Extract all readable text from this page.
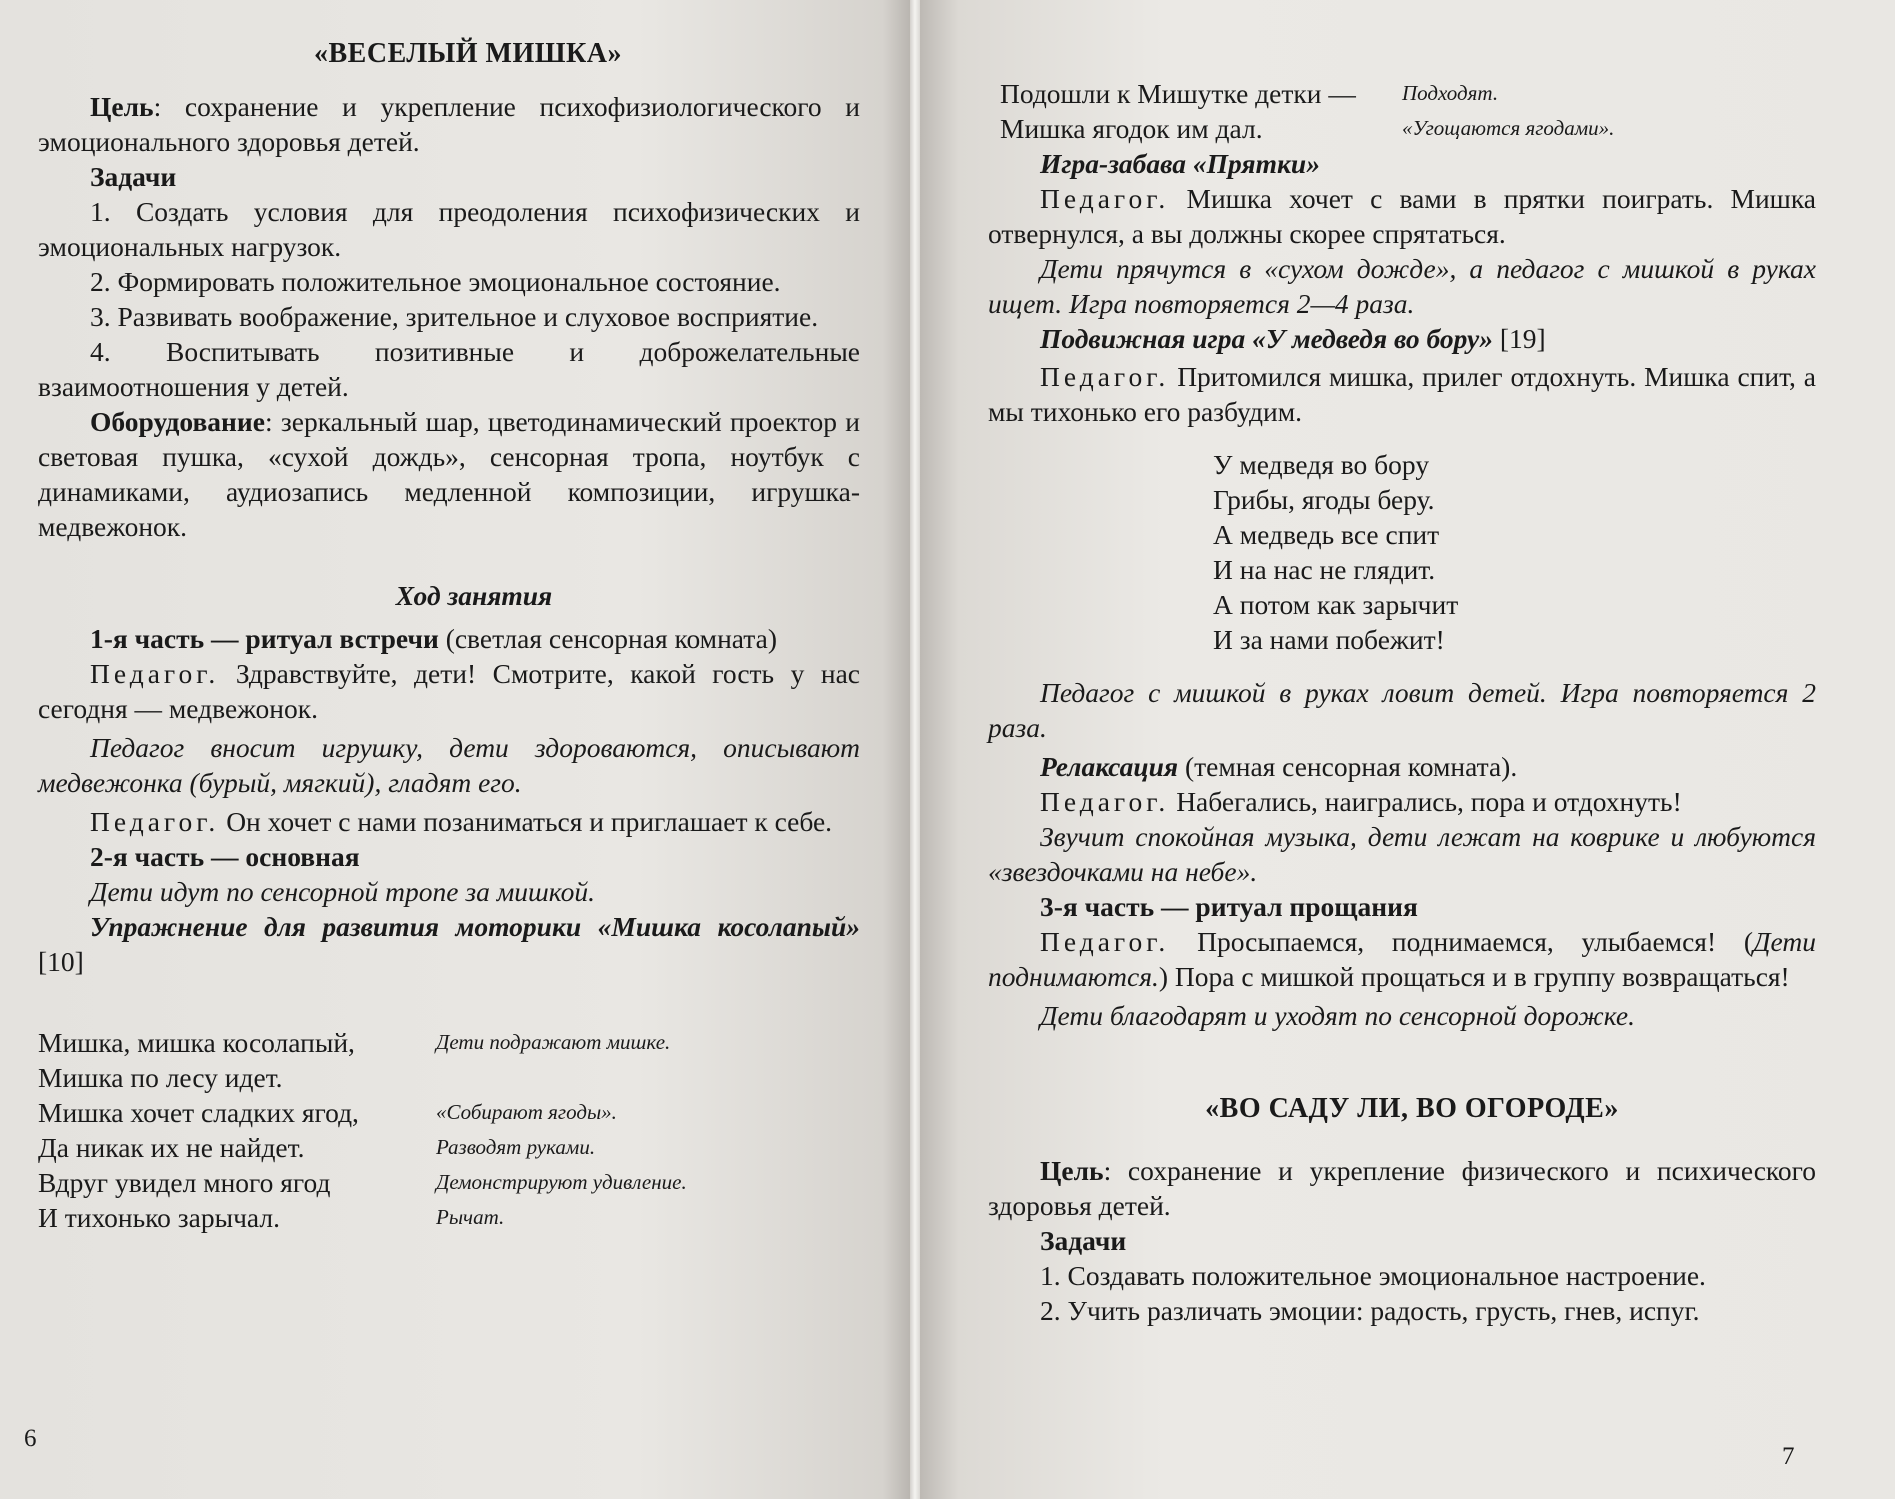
«ВЕСЕЛЫЙ МИШКА»

Цель: сохранение и укрепление психофизиологического и эмоционального здоровья детей.

Задачи

1. Создать условия для преодоления психофизических и эмоциональных нагрузок.

2. Формировать положительное эмоциональное состояние.

3. Развивать воображение, зрительное и слуховое восприятие.

4. Воспитывать позитивные и доброжелательные взаимоотношения у детей.

Оборудование: зеркальный шар, цветодинамический проектор и световая пушка, «сухой дождь», сенсорная тропа, ноутбук с динамиками, аудиозапись медленной композиции, игрушка-медвежонок.

Ход занятия

1-я часть — ритуал встречи (светлая сенсорная комната)

Педагог. Здравствуйте, дети! Смотрите, какой гость у нас сегодня — медвежонок.

Педагог вносит игрушку, дети здороваются, описывают медвежонка (бурый, мягкий), гладят его.

Педагог. Он хочет с нами позаниматься и приглашает к себе.

2-я часть — основная

Дети идут по сенсорной тропе за мишкой.

Упражнение для развития моторики «Мишка косолапый» [10]

Мишка, мишка косолапый,	Дети подражают мишке.
Мишка по лесу идет.
Мишка хочет сладких ягод,	«Собирают ягоды».
Да никак их не найдет.	Разводят руками.
Вдруг увидел много ягод	Демонстрируют удивление.
И тихонько зарычал.	Рычат.
6
Подошли к Мишутке детки —	Подходят.
Мишка ягодок им дал.	«Угощаются ягодами».

Игра-забава «Прятки»

Педагог. Мишка хочет с вами в прятки поиграть. Мишка отвернулся, а вы должны скорее спрятаться.

Дети прячутся в «сухом дожде», а педагог с мишкой в руках ищет. Игра повторяется 2—4 раза.

Подвижная игра «У медведя во бору» [19]

Педагог. Притомился мишка, прилег отдохнуть. Мишка спит, а мы тихонько его разбудим.

У медведя во бору

Грибы, ягоды беру.

А медведь все спит

И на нас не глядит.

А потом как зарычит

И за нами побежит!

Педагог с мишкой в руках ловит детей. Игра повторяется 2 раза.

Релаксация (темная сенсорная комната).

Педагог. Набегались, наигрались, пора и отдохнуть!

Звучит спокойная музыка, дети лежат на коврике и любуются «звездочками на небе».

3-я часть — ритуал прощания

Педагог. Просыпаемся, поднимаемся, улыбаемся! (Дети поднимаются.) Пора с мишкой прощаться и в группу возвращаться!

Дети благодарят и уходят по сенсорной дорожке.

«ВО САДУ ЛИ, ВО ОГОРОДЕ»

Цель: сохранение и укрепление физического и психического здоровья детей.

Задачи

1. Создавать положительное эмоциональное настроение.

2. Учить различать эмоции: радость, грусть, гнев, испуг.

7
